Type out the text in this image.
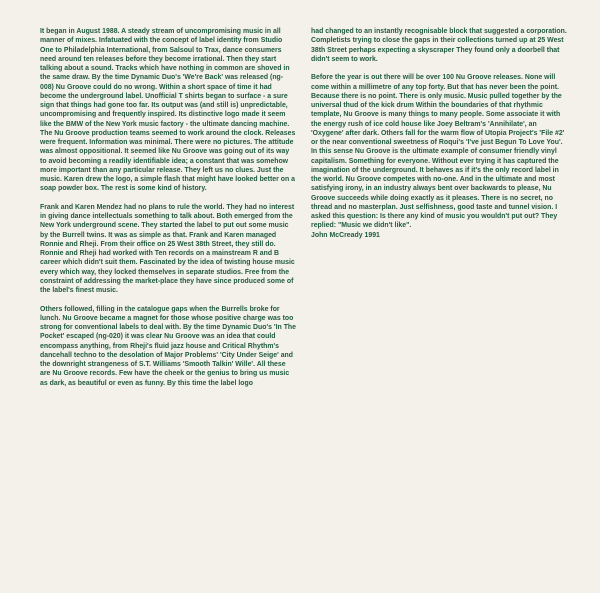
It began in August 1988. A steady stream of uncompromising music in all manner of mixes. Infatuated with the concept of label identity from Studio One to Philadelphia International, from Salsoul to Trax, dance consumers need around ten releases before they become irrational. Then they start talking about a sound. Tracks which have nothing in common are shoved in the same draw. By the time Dynamic Duo's 'We're Back' was released (ng-008) Nu Groove could do no wrong. Within a short space of time it had become the underground label. Unofficial T shirts began to surface - a sure sign that things had gone too far. Its output was (and still is) unpredictable, uncompromising and frequently inspired. Its distinctive logo made it seem like the BMW of the New York music factory - the ultimate dancing machine. The Nu Groove production teams seemed to work around the clock. Releases were frequent. Information was minimal. There were no pictures. The attitude was almost oppositional. It seemed like Nu Groove was going out of its way to avoid becoming a readily identifiable idea; a constant that was somehow more important than any particular release. They left us no clues. Just the music. Karen drew the logo, a simple flash that might have looked better on a soap powder box. The rest is some kind of history.

Frank and Karen Mendez had no plans to rule the world. They had no interest in giving dance intellectuals something to talk about. Both emerged from the New York underground scene. They started the label to put out some music by the Burrell twins. It was as simple as that. Frank and Karen managed Ronnie and Rheji. From their office on 25 West 38th Street, they still do. Ronnie and Rheji had worked with Ten records on a mainstream R and B career which didn't suit them. Fascinated by the idea of twisting house music every which way, they locked themselves in separate studios. Free from the constraint of addressing the market-place they have since produced some of the label's finest music.

Others followed, filling in the catalogue gaps when the Burrells broke for lunch. Nu Groove became a magnet for those whose positive charge was too strong for conventional labels to deal with. By the time Dynamic Duo's 'In The Pocket' escaped (ng-020) it was clear Nu Groove was an idea that could encompass anything, from Rheji's fluid jazz house and Critical Rhythm's dancehall techno to the desolation of Major Problems' 'City Under Seige' and the downright strangeness of S.T. Williams 'Smooth Talkin' Wille'. All these are Nu Groove records. Few have the cheek or the genius to bring us music as dark, as beautiful or even as funny. By this time the label logo

had changed to an instantly recognisable block that suggested a corporation. Completists trying to close the gaps in their collections turned up at 25 West 38th Street perhaps expecting a skyscraper They found only a doorbell that didn't seem to work.

Before the year is out there will be over 100 Nu Groove releases. None will come within a millimetre of any top forty. But that has never been the point. Because there is no point. There is only music. Music pulled together by the universal thud of the kick drum Within the boundaries of that rhythmic template, Nu Groove is many things to many people. Some associate it with the energy rush of ice cold house like Joey Beltram's 'Annihilate', an 'Oxygene' after dark. Others fall for the warm flow of Utopia Project's 'File #2' or the near conventional sweetness of Roqui's 'I've just Begun To Love You'. In this sense Nu Groove is the ultimate example of consumer friendly vinyl capitalism. Something for everyone. Without ever trying it has captured the imagination of the underground. It behaves as if it's the only record label in the world. Nu Groove competes with no-one. And in the ultimate and most satisfying irony, in an industry always bent over backwards to please, Nu Groove succeeds while doing exactly as it pleases. There is no secret, no thread and no masterplan. Just selfishness, good taste and tunnel vision. I asked this question: Is there any kind of music you wouldn't put out? They replied: "Music we didn't like".

John McCready 1991
